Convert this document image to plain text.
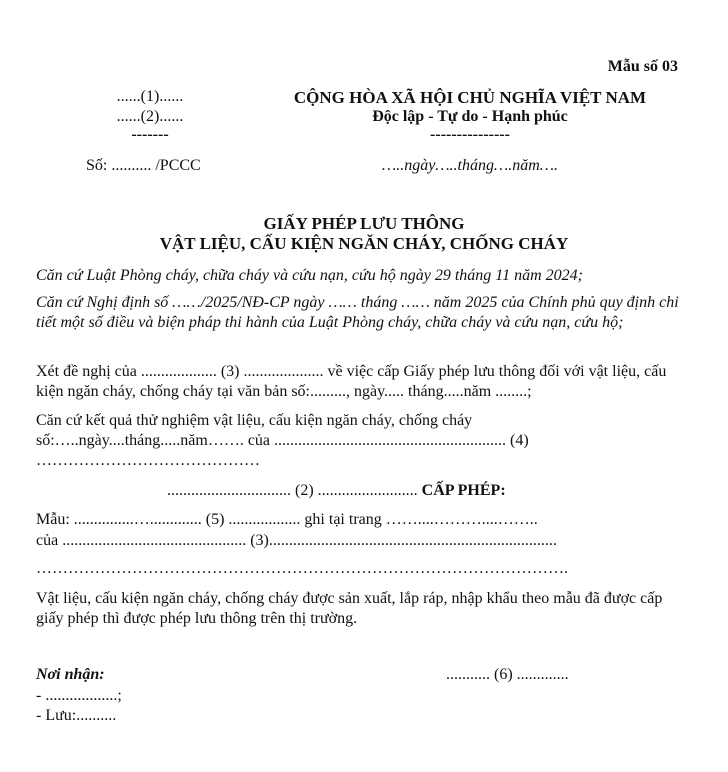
Mẫu số 03
......(1)......
......(2)......
-------
Số: .......... /PCCC
CỘNG HÒA XÃ HỘI CHỦ NGHĨA VIỆT NAM
Độc lập - Tự do - Hạnh phúc
---------------
…..ngày…..tháng….năm….
GIẤY PHÉP LƯU THÔNG
VẬT LIỆU, CẤU KIỆN NGĂN CHÁY, CHỐNG CHÁY
Căn cứ Luật Phòng cháy, chữa cháy và cứu nạn, cứu hộ ngày 29 tháng 11 năm 2024;
Căn cứ Nghị định số ……/2025/NĐ-CP ngày …… tháng …… năm 2025 của Chính phủ quy định chi tiết một số điều và biện pháp thi hành của Luật Phòng cháy, chữa cháy và cứu nạn, cứu hộ;
Xét đề nghị của ................... (3) .................... về việc cấp Giấy phép lưu thông đối với vật liệu, cấu kiện ngăn cháy, chống cháy tại văn bản số:........., ngày..... tháng.....năm ........;
Căn cứ kết quả thử nghiệm vật liệu, cấu kiện ngăn cháy, chống cháy
số:…..ngày....tháng.....năm……. của .......................................................... (4)
……………………………………
............................... (2) ......................... CẤP PHÉP:
Mẫu: ...............…............. (5) .................. ghi tại trang ……....………....……..
của .............................................. (3)........................................................................
……………………………………………………………………………………….
Vật liệu, cấu kiện ngăn cháy, chống cháy được sản xuất, lắp ráp, nhập khẩu theo mẫu đã được cấp giấy phép thì được phép lưu thông trên thị trường.
Nơi nhận:
- ..................;
- Lưu:..........
........... (6) .............
